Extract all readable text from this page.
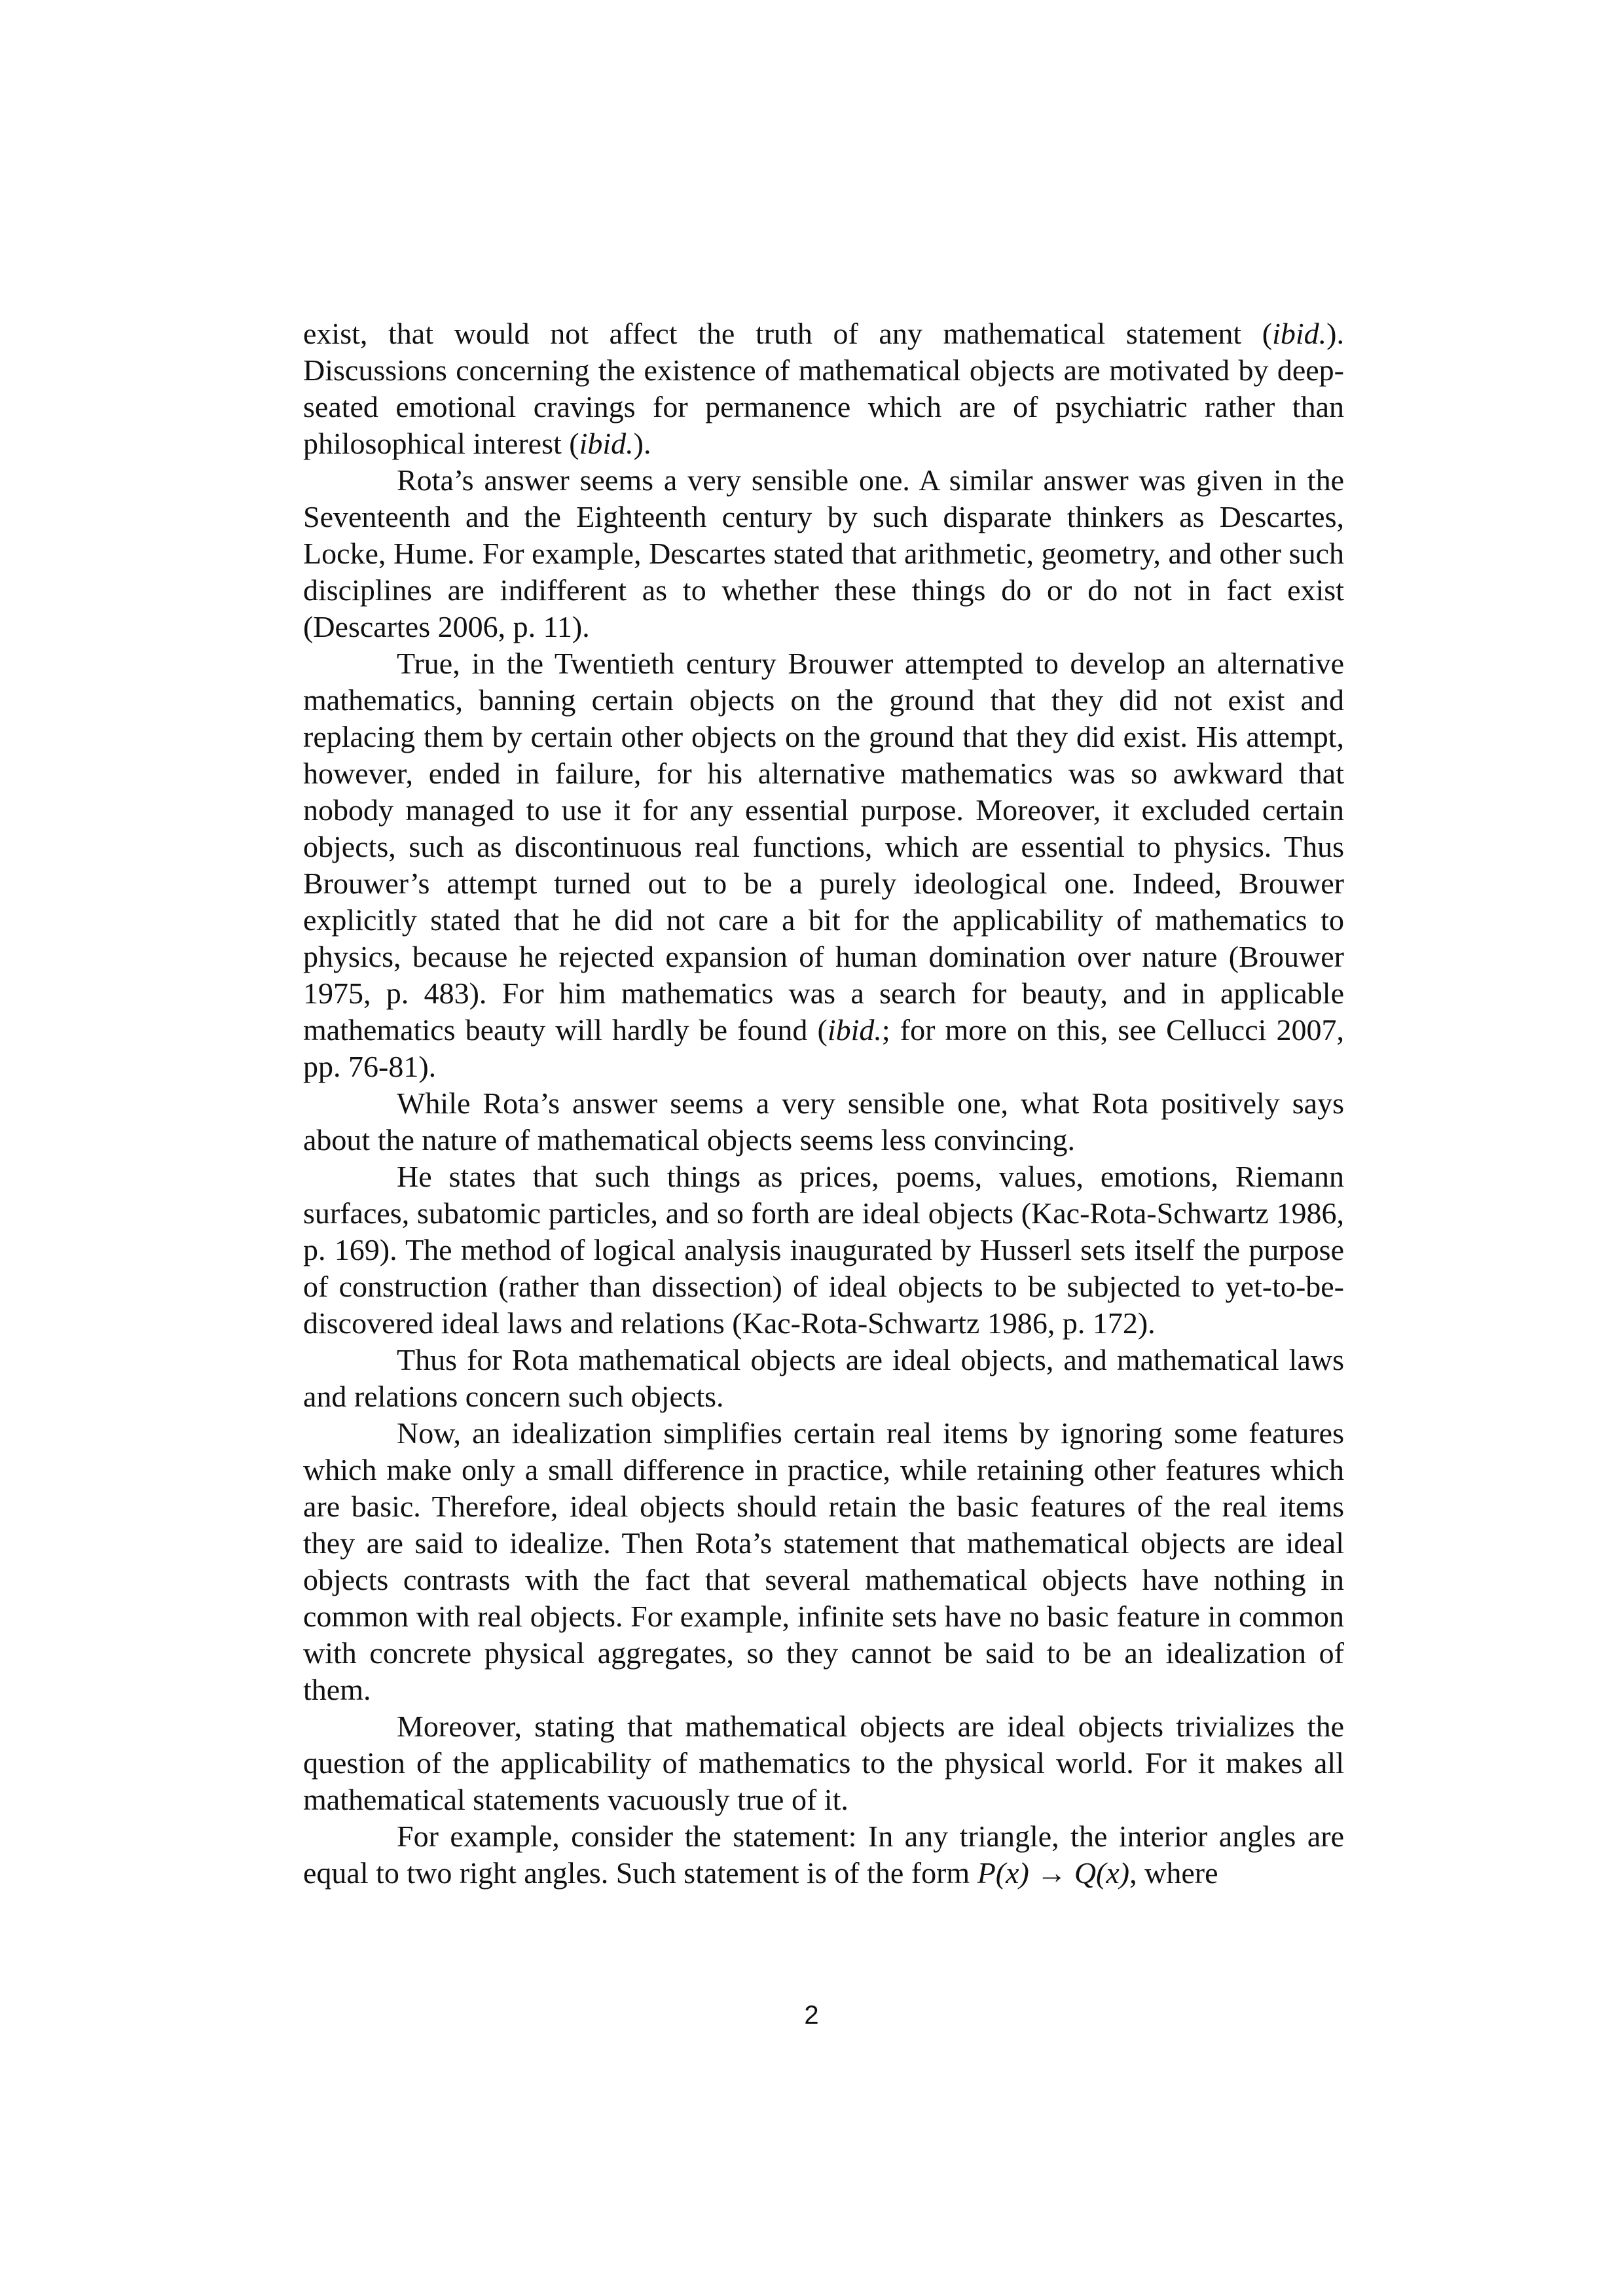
exist, that would not affect the truth of any mathematical statement (ibid.). Discussions concerning the existence of mathematical objects are motivated by deep-seated emotional cravings for permanence which are of psychiatric rather than philosophical interest (ibid.).

Rota’s answer seems a very sensible one. A similar answer was given in the Seventeenth and the Eighteenth century by such disparate thinkers as Descartes, Locke, Hume. For example, Descartes stated that arithmetic, geometry, and other such disciplines are indifferent as to whether these things do or do not in fact exist (Descartes 2006, p. 11).

True, in the Twentieth century Brouwer attempted to develop an alternative mathematics, banning certain objects on the ground that they did not exist and replacing them by certain other objects on the ground that they did exist. His attempt, however, ended in failure, for his alternative mathematics was so awkward that nobody managed to use it for any essential purpose. Moreover, it excluded certain objects, such as discontinuous real functions, which are essential to physics. Thus Brouwer’s attempt turned out to be a purely ideological one. Indeed, Brouwer explicitly stated that he did not care a bit for the applicability of mathematics to physics, because he rejected expansion of human domination over nature (Brouwer 1975, p. 483). For him mathematics was a search for beauty, and in applicable mathematics beauty will hardly be found (ibid.; for more on this, see Cellucci 2007, pp. 76-81).

While Rota’s answer seems a very sensible one, what Rota positively says about the nature of mathematical objects seems less convincing.

He states that such things as prices, poems, values, emotions, Riemann surfaces, subatomic particles, and so forth are ideal objects (Kac-Rota-Schwartz 1986, p. 169). The method of logical analysis inaugurated by Husserl sets itself the purpose of construction (rather than dissection) of ideal objects to be subjected to yet-to-be-discovered ideal laws and relations (Kac-Rota-Schwartz 1986, p. 172).

Thus for Rota mathematical objects are ideal objects, and mathematical laws and relations concern such objects.

Now, an idealization simplifies certain real items by ignoring some features which make only a small difference in practice, while retaining other features which are basic. Therefore, ideal objects should retain the basic features of the real items they are said to idealize. Then Rota’s statement that mathematical objects are ideal objects contrasts with the fact that several mathematical objects have nothing in common with real objects. For example, infinite sets have no basic feature in common with concrete physical aggregates, so they cannot be said to be an idealization of them.

Moreover, stating that mathematical objects are ideal objects trivializes the question of the applicability of mathematics to the physical world. For it makes all mathematical statements vacuously true of it.

For example, consider the statement: In any triangle, the interior angles are equal to two right angles. Such statement is of the form P(x) → Q(x), where

2
